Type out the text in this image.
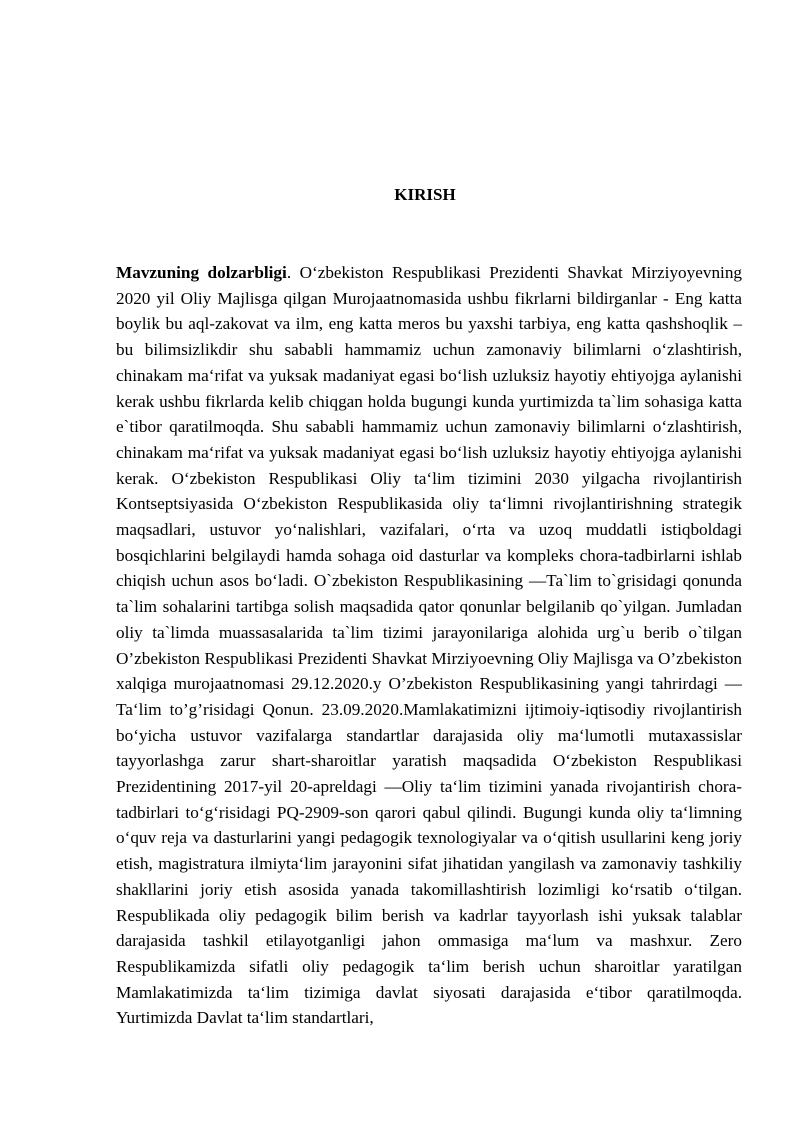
KIRISH

Mavzuning dolzarbligi. O‘zbekiston Respublikasi Prezidenti Shavkat Mirziyoyevning 2020 yil Oliy Majlisga qilgan Murojaatnomasida ushbu fikrlarni bildirganlar - Eng katta boylik bu aql-zakovat va ilm, eng katta meros bu yaxshi tarbiya, eng katta qashshoqlik – bu bilimsizlikdir shu sababli hammamiz uchun zamonaviy bilimlarni o‘zlashtirish, chinakam ma‘rifat va yuksak madaniyat egasi bo‘lish uzluksiz hayotiy ehtiyojga aylanishi kerak ushbu fikrlarda kelib chiqgan holda bugungi kunda yurtimizda ta`lim sohasiga katta e`tibor qaratilmoqda. Shu sababli hammamiz uchun zamonaviy bilimlarni o‘zlashtirish, chinakam ma‘rifat va yuksak madaniyat egasi bo‘lish uzluksiz hayotiy ehtiyojga aylanishi kerak. O‘zbekiston Respublikasi Oliy ta‘lim tizimini 2030 yilgacha rivojlantirish Kontseptsiyasida O‘zbekiston Respublikasida oliy ta‘limni rivojlantirishning strategik maqsadlari, ustuvor yo‘nalishlari, vazifalari, o‘rta va uzoq muddatli istiqboldagi bosqichlarini belgilaydi hamda sohaga oid dasturlar va kompleks chora-tadbirlarni ishlab chiqish uchun asos bo‘ladi. O`zbekiston Respublikasining —Ta`lim to`grisidagi qonunda ta`lim sohalarini tartibga solish maqsadida qator qonunlar belgilanib qo`yilgan. Jumladan oliy ta`limda muassasalarida ta`lim tizimi jarayonilariga alohida urg`u berib o`tilgan O’zbekiston Respublikasi Prezidenti Shavkat Mirziyoevning Oliy Majlisga va O’zbekiston xalqiga murojaatnomasi 29.12.2020.y O’zbekiston Respublikasining yangi tahrirdagi —Ta‘lim to’g’risidagi Qonun. 23.09.2020.Mamlakatimizni ijtimoiy-iqtisodiy rivojlantirish bo‘yicha ustuvor vazifalarga standartlar darajasida oliy ma‘lumotli mutaxassislar tayyorlashga zarur shart-sharoitlar yaratish maqsadida O‘zbekiston Respublikasi Prezidentining 2017-yil 20-apreldagi —Oliy ta‘lim tizimini yanada rivojantirish chora-tadbirlari to‘g‘risidagi PQ-2909-son qarori qabul qilindi. Bugungi kunda oliy ta‘limning o‘quv reja va dasturlarini yangi pedagogik texnologiyalar va o‘qitish usullarini keng joriy etish, magistratura ilmiyta‘lim jarayonini sifat jihatidan yangilash va zamonaviy tashkiliy shakllarini joriy etish asosida yanada takomillashtirish lozimligi ko‘rsatib o‘tilgan. Respublikada oliy pedagogik bilim berish va kadrlar tayyorlash ishi yuksak talablar darajasida tashkil etilayotganligi jahon ommasiga ma‘lum va mashxur. Zero Respublikamizda sifatli oliy pedagogik ta‘lim berish uchun sharoitlar yaratilgan Mamlakatimizda ta‘lim tizimiga davlat siyosati darajasida e‘tibor qaratilmoqda. Yurtimizda Davlat ta‘lim standartlari,
